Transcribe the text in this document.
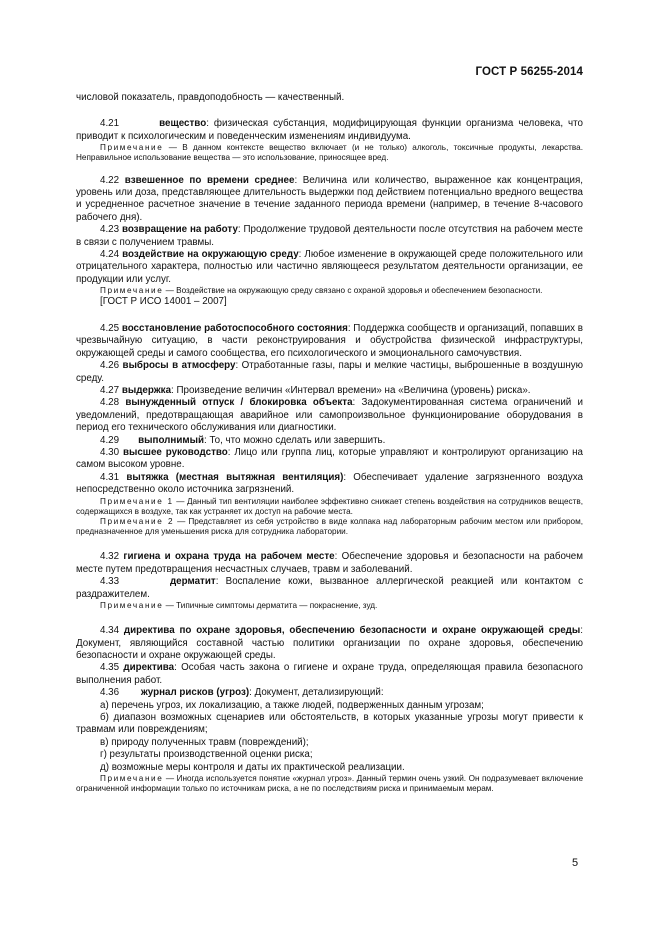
ГОСТ Р 56255-2014

числовой показатель, правдоподобность — качественный.

4.21	вещество: физическая субстанция, модифицирующая функции организма человека, что приводит к психологическим и поведенческим изменениям индивидуума.

Примечание — В данном контексте вещество включает (и не только) алкоголь, токсичные продукты, лекарства. Неправильное использование вещества — это использование, приносящее вред.

4.22 взвешенное по времени среднее: Величина или количество, выраженное как концентрация, уровень или доза, представляющее длительность выдержки под действием потенциально вредного вещества и усредненное расчетное значение в течение заданного периода времени (например, в течение 8-часового рабочего дня).

4.23 возвращение на работу: Продолжение трудовой деятельности после отсутствия на рабочем месте в связи с получением травмы.

4.24 воздействие на окружающую среду: Любое изменение в окружающей среде положительного или отрицательного характера, полностью или частично являющееся результатом деятельности организации, ее продукции или услуг.

Примечание — Воздействие на окружающую среду связано с охраной здоровья и обеспечением безопасности.

[ГОСТ Р ИСО 14001 – 2007]

4.25 восстановление работоспособного состояния: Поддержка сообществ и организаций, попавших в чрезвычайную ситуацию, в части реконструирования и обустройства физической инфраструктуры, окружающей среды и самого сообщества, его психологического и эмоционального самочувствия.

4.26 выбросы в атмосферу: Отработанные газы, пары и мелкие частицы, выброшенные в воздушную среду.

4.27 выдержка: Произведение величин «Интервал времени» на «Величина (уровень) риска».

4.28 вынужденный отпуск / блокировка объекта: Задокументированная система ограничений и уведомлений, предотвращающая аварийное или самопроизвольное функционирование оборудования в период его технического обслуживания или диагностики.

4.29 выполнимый: То, что можно сделать или завершить.

4.30 высшее руководство: Лицо или группа лиц, которые управляют и контролируют организацию на самом высоком уровне.

4.31 вытяжка (местная вытяжная вентиляция): Обеспечивает удаление загрязненного воздуха непосредственно около источника загрязнений.

Примечание 1 — Данный тип вентиляции наиболее эффективно снижает степень воздействия на сотрудников веществ, содержащихся в воздухе, так как устраняет их доступ на рабочие места.

Примечание 2 — Представляет из себя устройство в виде колпака над лабораторным рабочим местом или прибором, предназначенное для уменьшения риска для сотрудника лаборатории.

4.32 гигиена и охрана труда на рабочем месте: Обеспечение здоровья и безопасности на рабочем месте путем предотвращения несчастных случаев, травм и заболеваний.

4.33	дерматит: Воспаление кожи, вызванное аллергической реакцией или контактом с раздражителем.

Примечание — Типичные симптомы дерматита — покраснение, зуд.

4.34 директива по охране здоровья, обеспечению безопасности и охране окружающей среды: Документ, являющийся составной частью политики организации по охране здоровья, обеспечению безопасности и охране окружающей среды.

4.35 директива: Особая часть закона о гигиене и охране труда, определяющая правила безопасного выполнения работ.

4.36 журнал рисков (угроз): Документ, детализирующий:

а) перечень угроз, их локализацию, а также людей, подверженных данным угрозам;

б) диапазон возможных сценариев или обстоятельств, в которых указанные угрозы могут привести к травмам или повреждениям;

в) природу полученных травм (повреждений);

г) результаты производственной оценки риска;

д) возможные меры контроля и даты их практической реализации.

Примечание — Иногда используется понятие «журнал угроз». Данный термин очень узкий. Он подразумевает включение ограниченной информации только по источникам риска, а не по последствиям риска и принимаемым мерам.

5
